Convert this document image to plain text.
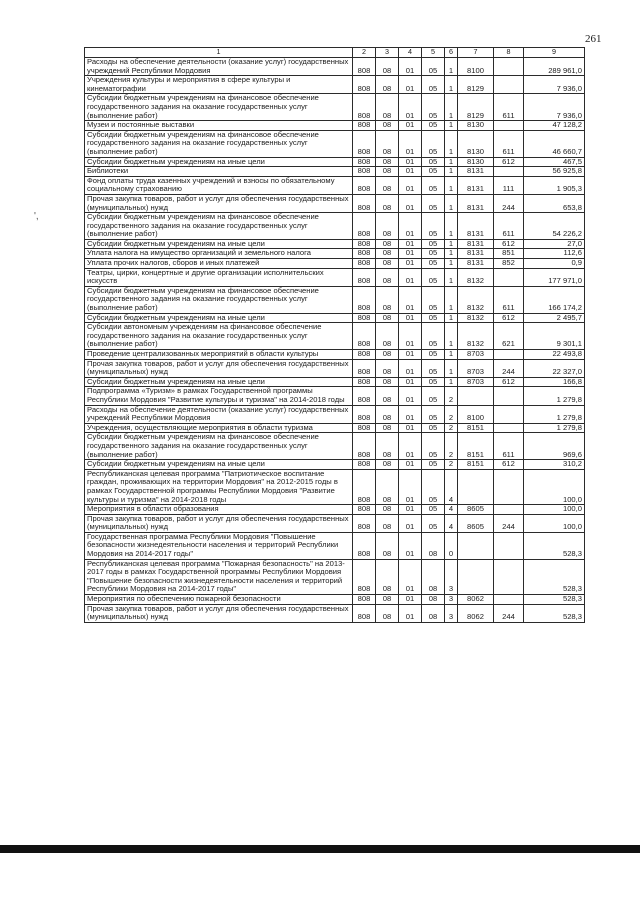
261
',
1	2	3	4	5	6	7	8	9
Расходы на обеспечение деятельности (оказание услуг) государственных учреждений Республики Мордовия	808	08	01	05	1	8100		289 961,0
Учреждения культуры и мероприятия в сфере культуры и кинематографии	808	08	01	05	1	8129		7 936,0
Субсидии бюджетным учреждениям на финансовое обеспечение государственного задания на оказание государственных услуг (выполнение работ)	808	08	01	05	1	8129	611	7 936,0
Музеи и постоянные выставки	808	08	01	05	1	8130		47 128,2
Субсидии бюджетным учреждениям на финансовое обеспечение государственного задания на оказание государственных услуг (выполнение работ)	808	08	01	05	1	8130	611	46 660,7
Субсидии бюджетным учреждениям на иные цели	808	08	01	05	1	8130	612	467,5
Библиотеки	808	08	01	05	1	8131		56 925,8
Фонд оплаты труда казенных учреждений и взносы по обязательному социальному страхованию	808	08	01	05	1	8131	111	1 905,3
Прочая закупка товаров, работ и услуг для обеспечения государственных (муниципальных) нужд	808	08	01	05	1	8131	244	653,8
Субсидии бюджетным учреждениям на финансовое обеспечение государственного задания на оказание государственных услуг (выполнение работ)	808	08	01	05	1	8131	611	54 226,2
Субсидии бюджетным учреждениям на иные цели	808	08	01	05	1	8131	612	27,0
Уплата налога на имущество организаций и земельного налога	808	08	01	05	1	8131	851	112,6
Уплата прочих налогов, сборов и иных платежей	808	08	01	05	1	8131	852	0,9
Театры, цирки, концертные и другие организации исполнительских искусств	808	08	01	05	1	8132		177 971,0
Субсидии бюджетным учреждениям на финансовое обеспечение государственного задания на оказание государственных услуг (выполнение работ)	808	08	01	05	1	8132	611	166 174,2
Субсидии бюджетным учреждениям на иные цели	808	08	01	05	1	8132	612	2 495,7
Субсидии автономным учреждениям на финансовое обеспечение государственного задания на оказание государственных услуг (выполнение работ)	808	08	01	05	1	8132	621	9 301,1
Проведение централизованных мероприятий в области культуры	808	08	01	05	1	8703		22 493,8
Прочая закупка товаров, работ и услуг для обеспечения государственных (муниципальных) нужд	808	08	01	05	1	8703	244	22 327,0
Субсидии бюджетным учреждениям на иные цели	808	08	01	05	1	8703	612	166,8
Подпрограмма «Туризм» в рамках Государственной программы Республики Мордовия "Развитие культуры и туризма" на 2014-2018 годы	808	08	01	05	2			1 279,8
Расходы на обеспечение деятельности (оказание услуг) государственных учреждений Республики Мордовия	808	08	01	05	2	8100		1 279,8
Учреждения, осуществляющие мероприятия в области туризма	808	08	01	05	2	8151		1 279,8
Субсидии бюджетным учреждениям на финансовое обеспечение государственного задания на оказание государственных услуг (выполнение работ)	808	08	01	05	2	8151	611	969,6
Субсидии бюджетным учреждениям на иные цели	808	08	01	05	2	8151	612	310,2
Республиканская целевая программа "Патриотическое воспитание граждан, проживающих на территории Мордовия" на 2012-2015 годы в рамках Государственной программы Республики Мордовия "Развитие культуры и туризма" на 2014-2018 годы	808	08	01	05	4			100,0
Мероприятия в области образования	808	08	01	05	4	8605		100,0
Прочая закупка товаров, работ и услуг для обеспечения государственных (муниципальных) нужд	808	08	01	05	4	8605	244	100,0
Государственная программа Республики Мордовия "Повышение безопасности жизнедеятельности населения и территорий Республики Мордовия на 2014-2017 годы"	808	08	01	08	0			528,3
Республиканская целевая программа "Пожарная безопасность" на 2013-2017 годы в рамках Государственной программы Республики Мордовия "Повышение безопасности жизнедеятельности населения и территорий Республики Мордовия на 2014-2017 годы"	808	08	01	08	3			528,3
Мероприятия по обеспечению пожарной безопасности	808	08	01	08	3	8062		528,3
Прочая закупка товаров, работ и услуг для обеспечения государственных (муниципальных) нужд	808	08	01	08	3	8062	244	528,3
